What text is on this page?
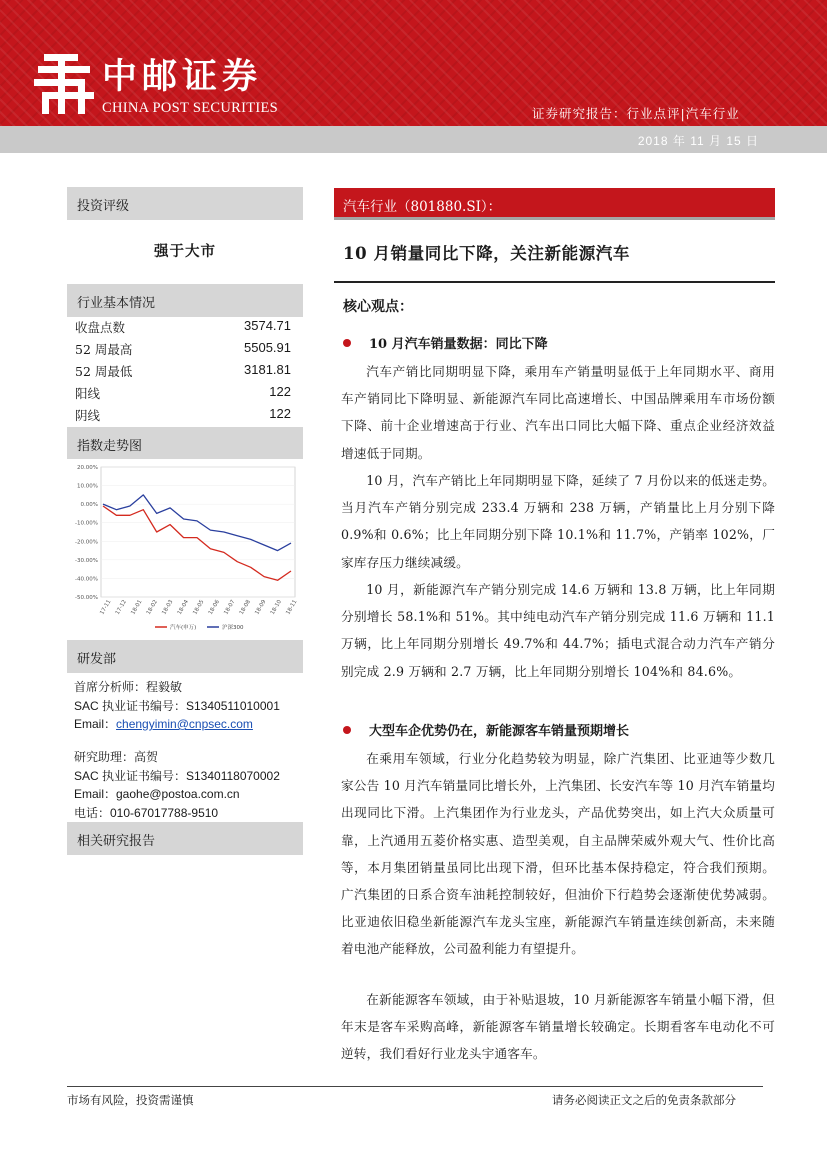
中邮证券
CHINA POST SECURITIES	证券研究报告：行业点评|汽车行业
2018 年 11 月 15 日
投资评级
强于大市
行业基本情况
收盘点数	3574.71
52 周最高	5505.91
52 周最低	3181.81
阳线	122
阴线	122
指数走势图
20.00%
10.00%
0.00%
-10.00%
-20.00%
-30.00%
-40.00%
-50.00%
17-11 17-12 18-01 18-02 18-03 18-04 18-05 18-06 18-07 18-08 18-09 18-10 18-11
汽车(申万)	沪深300
研发部
首席分析师：程毅敏
SAC 执业证书编号：S1340511010001
Email：chengyimin@cnpsec.com
研究助理：高贺
SAC 执业证书编号：S1340118070002
Email：gaohe@postoa.com.cn
电话：010-67017788-9510
相关研究报告
汽车行业（801880.SI）：
10 月销量同比下降，关注新能源汽车
核心观点：
10 月汽车销量数据：同比下降

汽车产销比同期明显下降，乘用车产销量明显低于上年同期水平、商用车产销同比下降明显、新能源汽车同比高速增长、中国品牌乘用车市场份额下降、前十企业增速高于行业、汽车出口同比大幅下降、重点企业经济效益增速低于同期。

10 月，汽车产销比上年同期明显下降，延续了 7 月份以来的低迷走势。当月汽车产销分别完成 233.4 万辆和 238 万辆，产销量比上月分别下降 0.9%和 0.6%；比上年同期分别下降 10.1%和 11.7%，产销率 102%，厂家库存压力继续减缓。

10 月，新能源汽车产销分别完成 14.6 万辆和 13.8 万辆，比上年同期分别增长 58.1%和 51%。其中纯电动汽车产销分别完成 11.6 万辆和 11.1 万辆，比上年同期分别增长 49.7%和 44.7%；插电式混合动力汽车产销分别完成 2.9 万辆和 2.7 万辆，比上年同期分别增长 104%和 84.6%。

大型车企优势仍在，新能源客车销量预期增长

在乘用车领域，行业分化趋势较为明显，除广汽集团、比亚迪等少数几家公告 10 月汽车销量同比增长外，上汽集团、长安汽车等 10 月汽车销量均出现同比下滑。上汽集团作为行业龙头，产品优势突出，如上汽大众质量可靠，上汽通用五菱价格实惠、造型美观，自主品牌荣威外观大气、性价比高等，本月集团销量虽同比出现下滑，但环比基本保持稳定，符合我们预期。广汽集团的日系合资车油耗控制较好，但油价下行趋势会逐渐使优势减弱。比亚迪依旧稳坐新能源汽车龙头宝座，新能源汽车销量连续创新高，未来随着电池产能释放，公司盈利能力有望提升。

在新能源客车领域，由于补贴退坡，10 月新能源客车销量小幅下滑，但年末是客车采购高峰，新能源客车销量增长较确定。长期看客车电动化不可逆转，我们看好行业龙头宇通客车。

市场有风险，投资需谨慎	请务必阅读正文之后的免责条款部分
